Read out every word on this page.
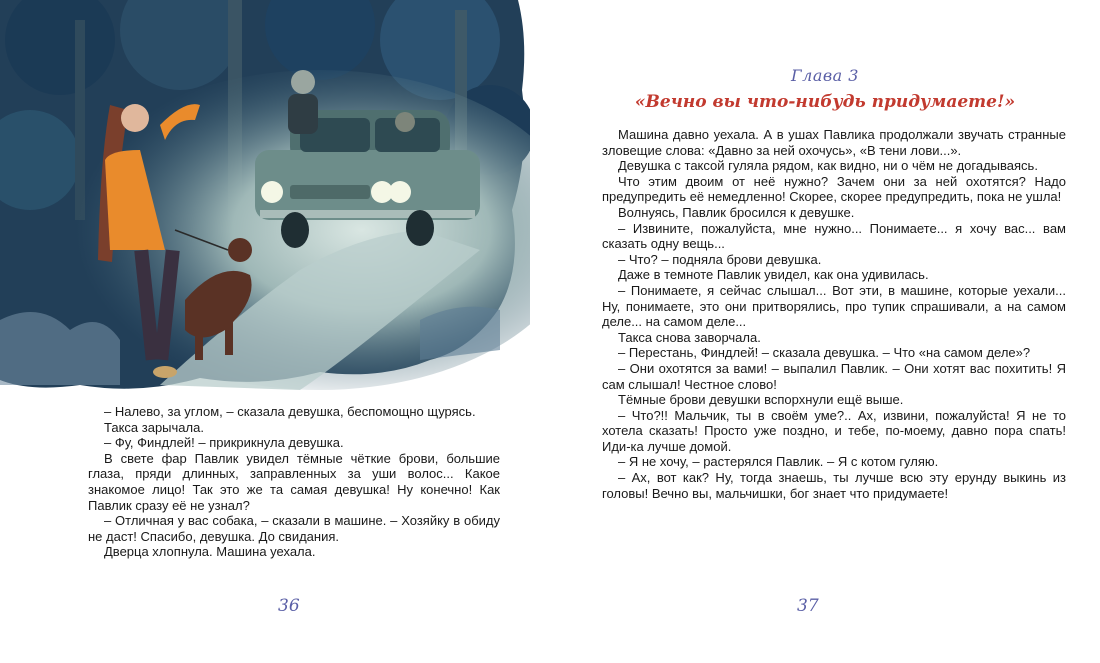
– Налево, за углом, – сказала девушка, беспомощно щурясь.

Такса зарычала.

– Фу, Финдлей! – прикрикнула девушка.

В свете фар Павлик увидел тёмные чёткие брови, большие глаза, пряди длинных, заправленных за уши волос... Какое знакомое лицо! Так это же та самая девушка! Ну конечно! Как Павлик сразу её не узнал?

– Отличная у вас собака, – сказали в машине. – Хозяйку в обиду не даст! Спасибо, девушка. До свидания.

Дверца хлопнула. Машина уехала.

36
Глава 3
«Вечно вы что-нибудь придумаете!»

Машина давно уехала. А в ушах Павлика продолжали звучать странные зловещие слова: «Давно за ней охочусь», «В тени лови...».

Девушка с таксой гуляла рядом, как видно, ни о чём не догадываясь.

Что этим двоим от неё нужно? Зачем они за ней охотятся? Надо предупредить её немедленно! Скорее, скорее предупредить, пока не ушла!

Волнуясь, Павлик бросился к девушке.

– Извините, пожалуйста, мне нужно... Понимаете... я хочу вас... вам сказать одну вещь...

– Что? – подняла брови девушка.

Даже в темноте Павлик увидел, как она удивилась.

– Понимаете, я сейчас слышал... Вот эти, в машине, которые уехали... Ну, понимаете, это они притворялись, про тупик спрашивали, а на самом деле... на самом деле...

Такса снова заворчала.

– Перестань, Финдлей! – сказала девушка. – Что «на самом деле»?

– Они охотятся за вами! – выпалил Павлик. – Они хотят вас похитить! Я сам слышал! Честное слово!

Тёмные брови девушки вспорхнули ещё выше.

– Что?!! Мальчик, ты в своём уме?.. Ах, извини, пожалуйста! Я не то хотела сказать! Просто уже поздно, и тебе, по-моему, давно пора спать! Иди-ка лучше домой.

– Я не хочу, – растерялся Павлик. – Я с котом гуляю.

– Ах, вот как? Ну, тогда знаешь, ты лучше всю эту ерунду выкинь из головы! Вечно вы, мальчишки, бог знает что придумаете!

37
